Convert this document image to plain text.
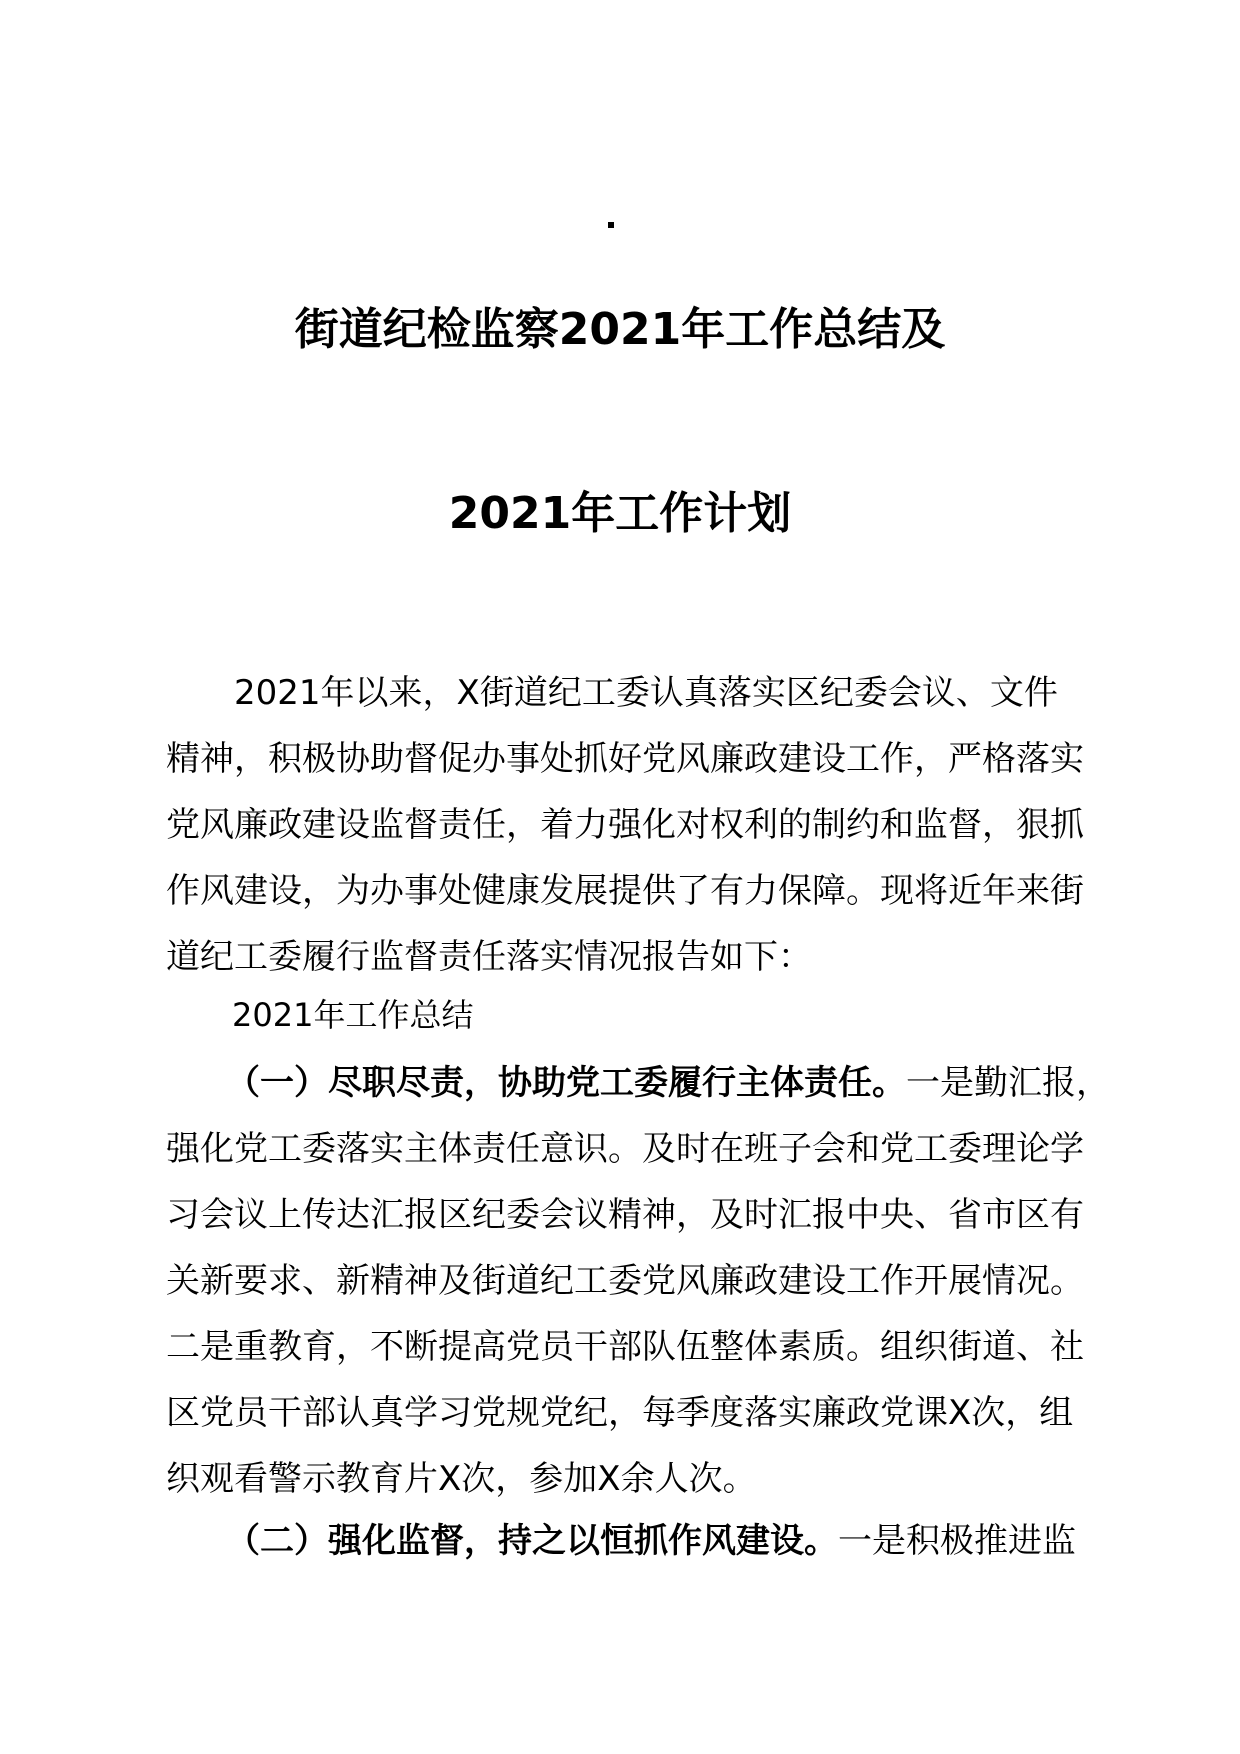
街道纪检监察2021年工作总结及
2021年工作计划
2021年以来，X街道纪工委认真落实区纪委会议、文件
精神，积极协助督促办事处抓好党风廉政建设工作，严格落实
党风廉政建设监督责任，着力强化对权利的制约和监督，狠抓
作风建设，为办事处健康发展提供了有力保障。现将近年来街
道纪工委履行监督责任落实情况报告如下：
2021年工作总结
（一）尽职尽责，协助党工委履行主体责任。一是勤汇报，
强化党工委落实主体责任意识。及时在班子会和党工委理论学
习会议上传达汇报区纪委会议精神，及时汇报中央、省市区有
关新要求、新精神及街道纪工委党风廉政建设工作开展情况。
二是重教育，不断提高党员干部队伍整体素质。组织街道、社
区党员干部认真学习党规党纪，每季度落实廉政党课X次，组
织观看警示教育片X次，参加X余人次。
（二）强化监督，持之以恒抓作风建设。一是积极推进监
